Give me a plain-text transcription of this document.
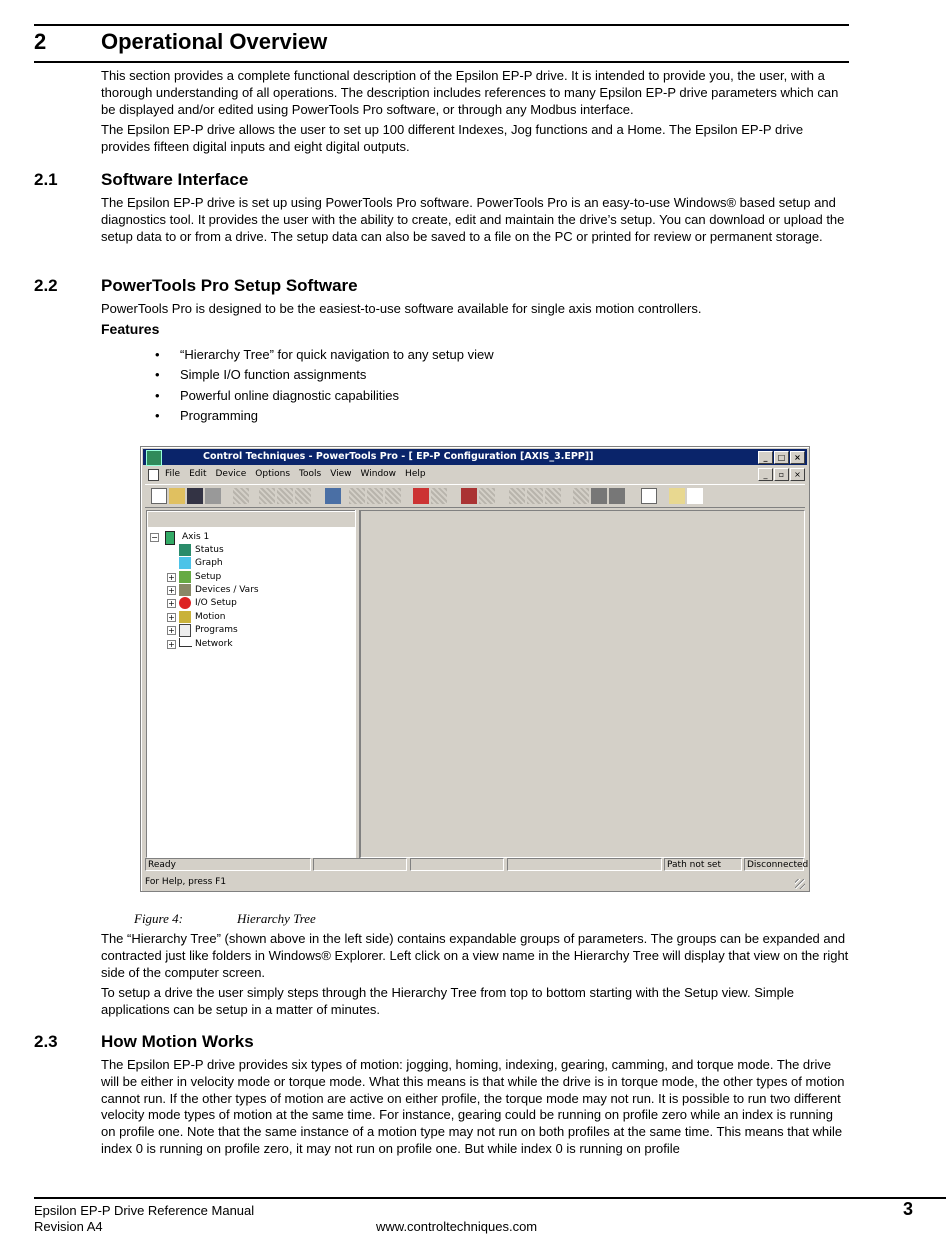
2 Operational Overview

This section provides a complete functional description of the Epsilon EP-P drive. It is intended to provide you, the user, with a thorough understanding of all operations. The description includes references to many Epsilon EP-P drive parameters which can be displayed and/or edited using PowerTools Pro software, or through any Modbus interface.

The Epsilon EP-P drive allows the user to set up 100 different Indexes, Jog functions and a Home. The Epsilon EP-P drive provides fifteen digital inputs and eight digital outputs.

2.1	Software Interface

The Epsilon EP-P drive is set up using PowerTools Pro software. PowerTools Pro is an easy-to-use Windows® based setup and diagnostics tool. It provides the user with the ability to create, edit and maintain the drive’s setup. You can download or upload the setup data to or from a drive. The setup data can also be saved to a file on the PC or printed for review or permanent storage.

2.2	PowerTools Pro Setup Software

PowerTools Pro is designed to be the easiest-to-use software available for single axis motion controllers.

Features
• “Hierarchy Tree” for quick navigation to any setup view
• Simple I/O function assignments
• Powerful online diagnostic capabilities
• Programming
Control Techniques - PowerTools Pro - [ EP-P Configuration [AXIS_3.EPP]]	_	□	×
File Edit Device Options Tools View Window Help	_	▫	×
−	Axis 1
Status
Graph
+ Setup
+ Devices / Vars
+ I/O Setup
+ Motion
+ Programs
+ Network
Ready	Path not set	Disconnected
For Help, press F1
Figure 4:	Hierarchy Tree

The “Hierarchy Tree” (shown above in the left side) contains expandable groups of parameters. The groups can be expanded and contracted just like folders in Windows® Explorer. Left click on a view name in the Hierarchy Tree will display that view on the right side of the computer screen.

To setup a drive the user simply steps through the Hierarchy Tree from top to bottom starting with the Setup view. Simple applications can be setup in a matter of minutes.

2.3	How Motion Works

The Epsilon EP-P drive provides six types of motion: jogging, homing, indexing, gearing, camming, and torque mode. The drive will be either in velocity mode or torque mode. What this means is that while the drive is in torque mode, the other types of motion cannot run. If the other types of motion are active on either profile, the torque mode may not run. It is possible to run two different velocity mode types of motion at the same time. For instance, gearing could be running on profile zero while an index is running on profile one. Note that the same instance of a motion type may not run on both profiles at the same time. This means that while index 0 is running on profile zero, it may not run on profile one. But while index 0 is running on profile

Epsilon EP-P Drive Reference Manual
Revision A4	www.controltechniques.com
3
